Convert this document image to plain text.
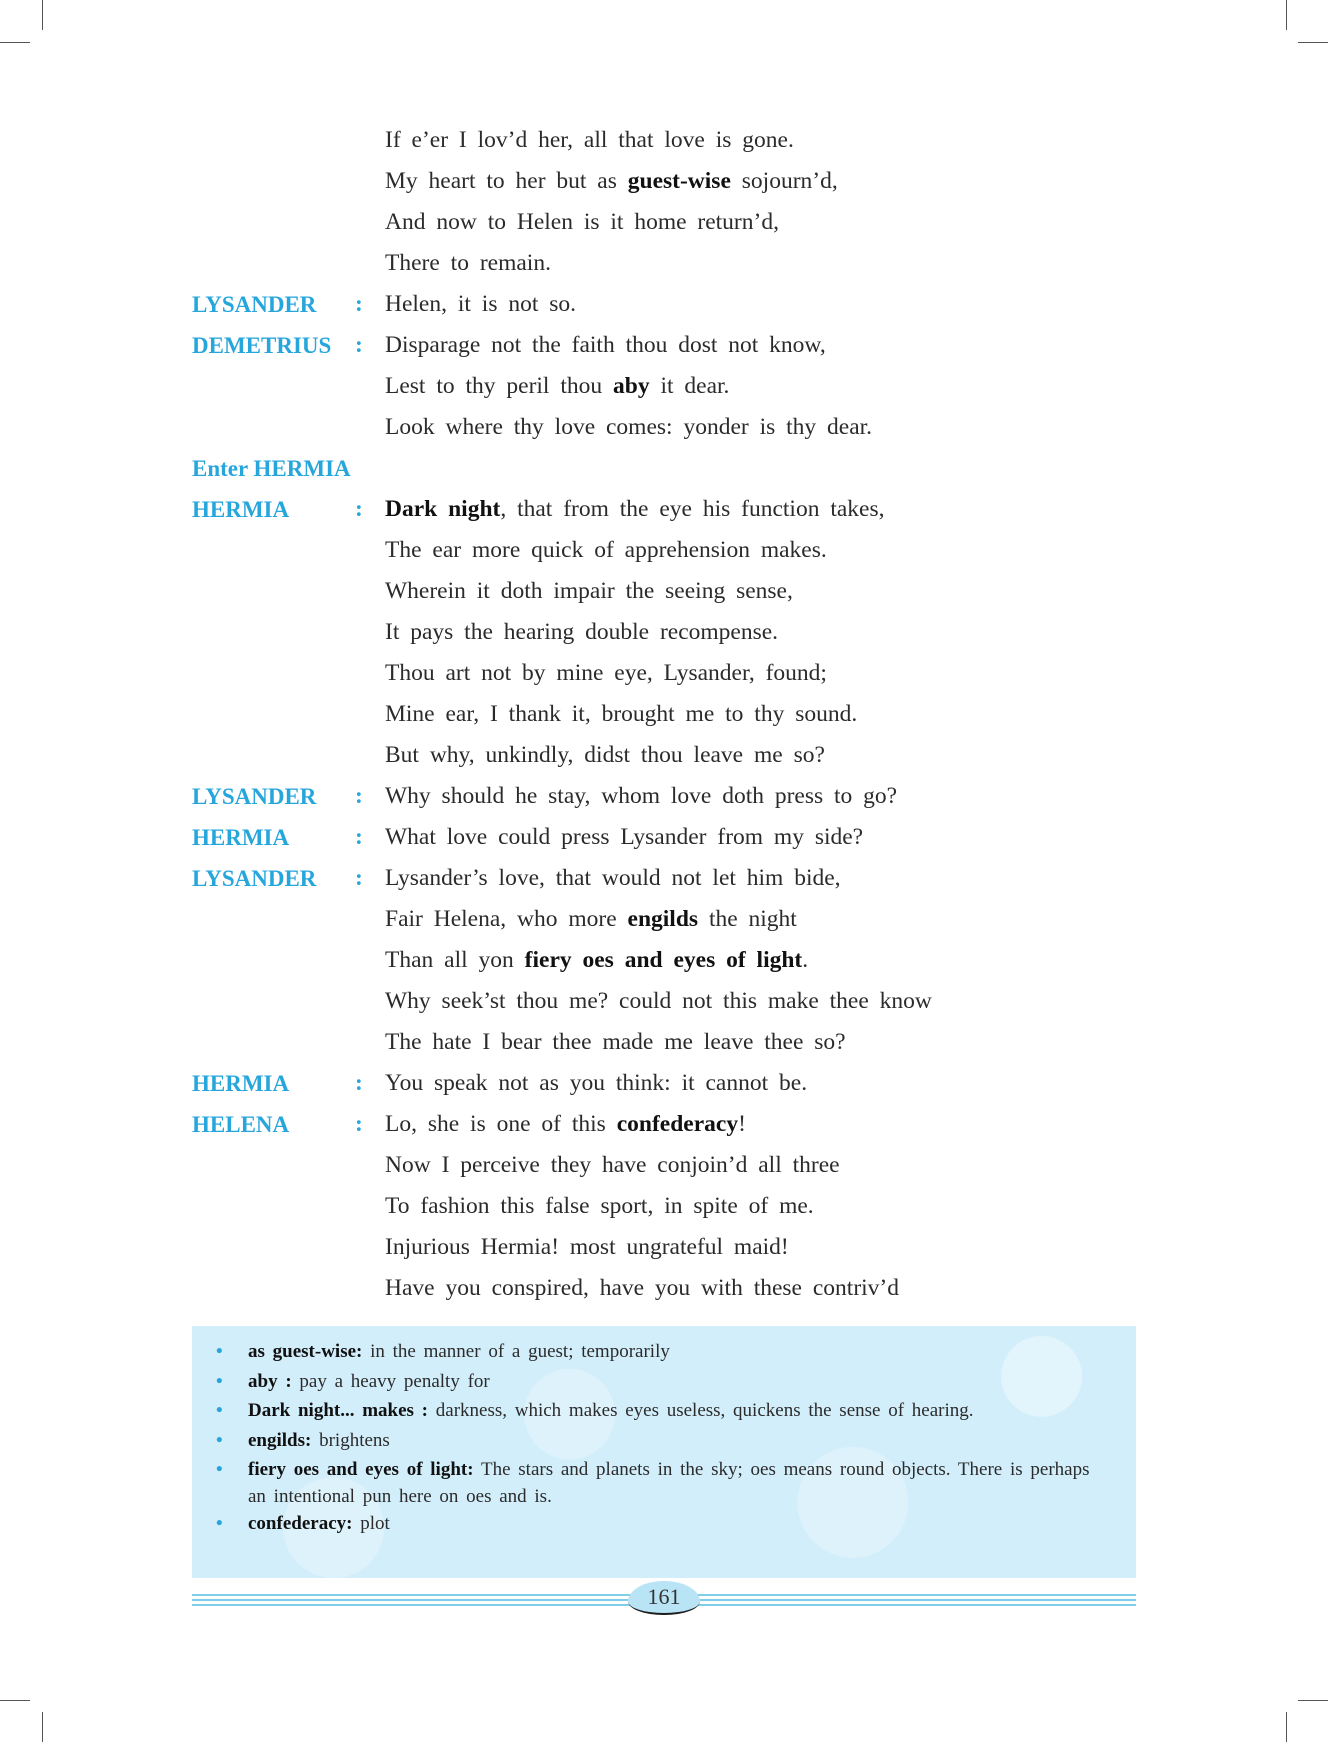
If e’er I lov’d her, all that love is gone.
My heart to her but as guest-wise sojourn’d,
And now to Helen is it home return’d,
There to remain.
LYSANDER : Helen, it is not so.
DEMETRIUS : Disparage not the faith thou dost not know,
Lest to thy peril thou aby it dear.
Look where thy love comes: yonder is thy dear.
Enter HERMIA
HERMIA	: Dark night, that from the eye his function takes,
The ear more quick of apprehension makes.
Wherein it doth impair the seeing sense,
It pays the hearing double recompense.
Thou art not by mine eye, Lysander, found;
Mine ear, I thank it, brought me to thy sound.
But why, unkindly, didst thou leave me so?
LYSANDER : Why should he stay, whom love doth press to go?
HERMIA	: What love could press Lysander from my side?
LYSANDER : Lysander’s love, that would not let him bide,
Fair Helena, who more engilds the night
Than all yon fiery oes and eyes of light.
Why seek’st thou me? could not this make thee know
The hate I bear thee made me leave thee so?
HERMIA	: You speak not as you think: it cannot be.
HELENA	: Lo, she is one of this confederacy!
Now I perceive they have conjoin’d all three
To fashion this false sport, in spite of me.
Injurious Hermia! most ungrateful maid!
Have you conspired, have you with these contriv’d
• as guest-wise: in the manner of a guest; temporarily
• aby : pay a heavy penalty for
• Dark night... makes : darkness, which makes eyes useless, quickens the sense of hearing.
• engilds: brightens
• fiery oes and eyes of light: The stars and planets in the sky; oes means round objects. There is perhaps an intentional pun here on oes and is.
• confederacy: plot
161
